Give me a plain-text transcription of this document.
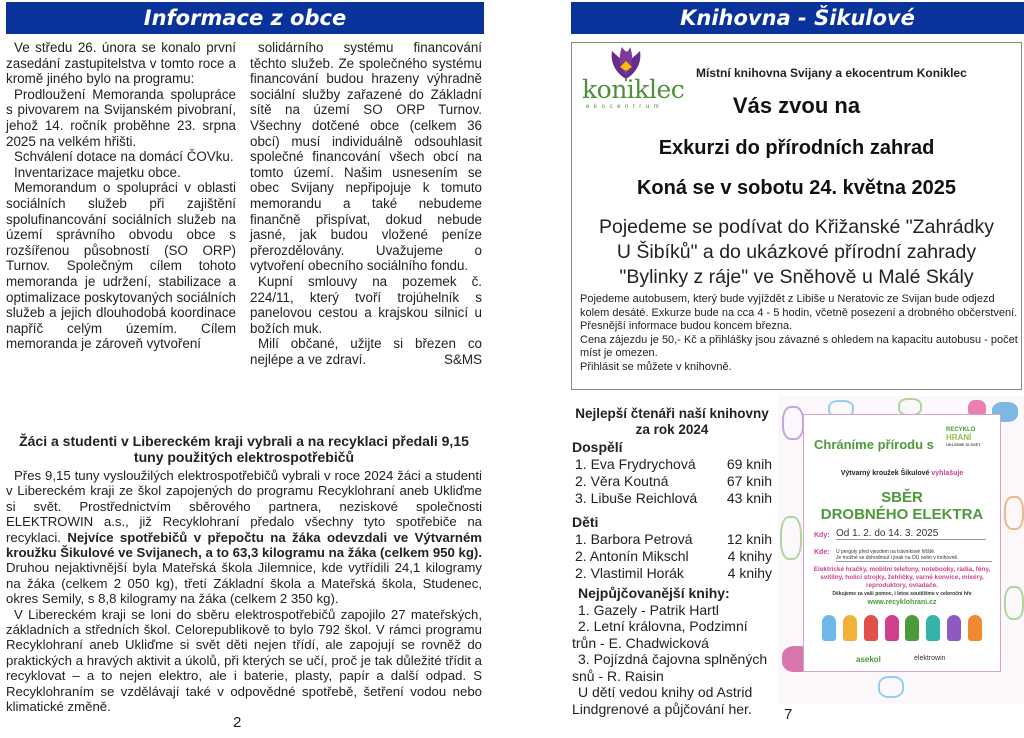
Informace z obce

Ve středu 26. února se konalo první zasedání zastupitelstva v tomto roce a kromě jiného bylo na programu:

Prodloužení Memoranda spolupráce s pivovarem na Svijanském pivobraní, jehož 14. ročník proběhne 23. srpna 2025 na velkém hřišti.

Schválení dotace na domácí ČOVku.

Inventarizace majetku obce.

Memorandum o spolupráci v oblasti sociálních služeb při zajištění spolufinancování sociálních služeb na území správního obvodu obce s rozšířenou působností (SO ORP) Turnov. Společným cílem tohoto memoranda je udržení, stabilizace a optimalizace poskytovaných sociálních služeb a jejich dlouhodobá koordinace napříč celým územím. Cílem memoranda je zároveň vytvoření

solidárního systému financování těchto služeb. Ze společného systému financování budou hrazeny výhradně sociální služby zařazené do Základní sítě na území SO ORP Turnov. Všechny dotčené obce (celkem 36 obcí) musí individuálně odsouhlasit společné financování všech obcí na tomto území. Našim usnesením se obec Svijany nepřipojuje k tomuto memorandu a také nebudeme finančně přispívat, dokud nebude jasné, jak budou vložené peníze přerozdělovány. Uvažujeme o vytvoření obecního sociálního fondu.

Kupní smlouvy na pozemek č. 224/11, který tvoří trojúhelník s panelovou cestou a krajskou silnicí u božích muk.

Milí občané, užijte si březen co nejlépe a ve zdraví.	S&MS

Žáci a studenti v Libereckém kraji vybrali a na recyklaci předali 9,15 tuny použitých elektrospotřebičů

Přes 9,15 tuny vysloužilých elektrospotřebičů vybrali v roce 2024 žáci a studenti v Libereckém kraji ze škol zapojených do programu Recyklohraní aneb Ukliďme si svět. Prostřednictvím sběrového partnera, neziskové společnosti ELEKTROWIN a.s., již Recyklohraní předalo všechny tyto spotřebiče na recyklaci. Nejvíce spotřebičů v přepočtu na žáka odevzdali ve Výtvarném kroužku Šikulové ve Svijanech, a to 63,3 kilogramu na žáka (celkem 950 kg). Druhou nejaktivnější byla Mateřská škola Jilemnice, kde vytřídili 24,1 kilogramy na žáka (celkem 2 050 kg), třetí Základní škola a Mateřská škola, Studenec, okres Semily, s 8,8 kilogramy na žáka (celkem 2 350 kg).

V Libereckém kraji se loni do sběru elektrospotřebičů zapojilo 27 mateřských, základních a středních škol. Celorepublikově to bylo 792 škol. V rámci programu Recyklohraní aneb Ukliďme si svět děti nejen třídí, ale zapojují se rovněž do praktických a hravých aktivit a úkolů, při kterých se učí, proč je tak důležité třídit a recyklovat – a to nejen elektro, ale i baterie, plasty, papír a další odpad. S Recyklohraním se vzdělávají také v odpovědné spotřebě, šetření vodou nebo klimatické změně.

2
Knihovna - Šikulové
koniklec
ekocentrum
Místní knihovna Svijany a ekocentrum Koniklec
Vás zvou na
Exkurzi do přírodních zahrad
Koná se v sobotu 24. května 2025
Pojedeme se podívat do Křižanské "Zahrádky
U Šibíků" a do ukázkové přírodní zahrady
"Bylinky z ráje" ve Sněhově u Malé Skály
Pojedeme autobusem, který bude vyjíždět z Libiše u Neratovic ze Svijan bude odjezd kolem desáté. Exkurze bude na cca 4 - 5 hodin, včetně posezení a drobného občerstvení.
Přesnější informace budou koncem března.
Cena zájezdu je 50,- Kč a přihlášky jsou závazné s ohledem na kapacitu autobusu - počet míst je omezen.
Přihlásit se můžete v knihovně.
Nejlepší čtenáři naší knihovny za rok 2024
Dospělí
1. Eva Frydrychová 69 knih
2. Věra Koutná	67 knih
3. Libuše Reichlová 43 knih
Děti
1. Barbora Petrová 12 knih
2. Antonín Mikschl	4 knihy
2. Vlastimil Horák	4 knihy
Nejpůjčovanější knihy:

1. Gazely - Patrik Hartl

2. Letní královna, Podzimní trůn - E. Chadwicková

3. Pojízdná čajovna splněných snů - R. Raisin

U dětí vedou knihy od Astrid Lindgrenové a půjčování her.

Chráníme přírodu s
RECYKLO
HRANÍ
UKLIĎME SI SVĚT
Výtvarný kroužek Šikulové vyhlašuje
SBĚR
DROBNÉHO ELEKTRA
Kdy: Od 1. 2. do 14. 3. 2025
Kde: U pergoly před vjezdem na trávníkové hřiště.
Je možné se dohodnout i jinak na OÚ nebo v knihovně.
Elektrické hračky, mobilní telefony, notebooky, rádia, fény, svítilny, holicí strojky, žehličky, varné konvice, mixéry, reproduktory, ovladače.
Děkujeme za vaši pomoc, i letos soutěžíme v celoroční hře
www.recyklohrani.cz
asekol	elektrowin
7
